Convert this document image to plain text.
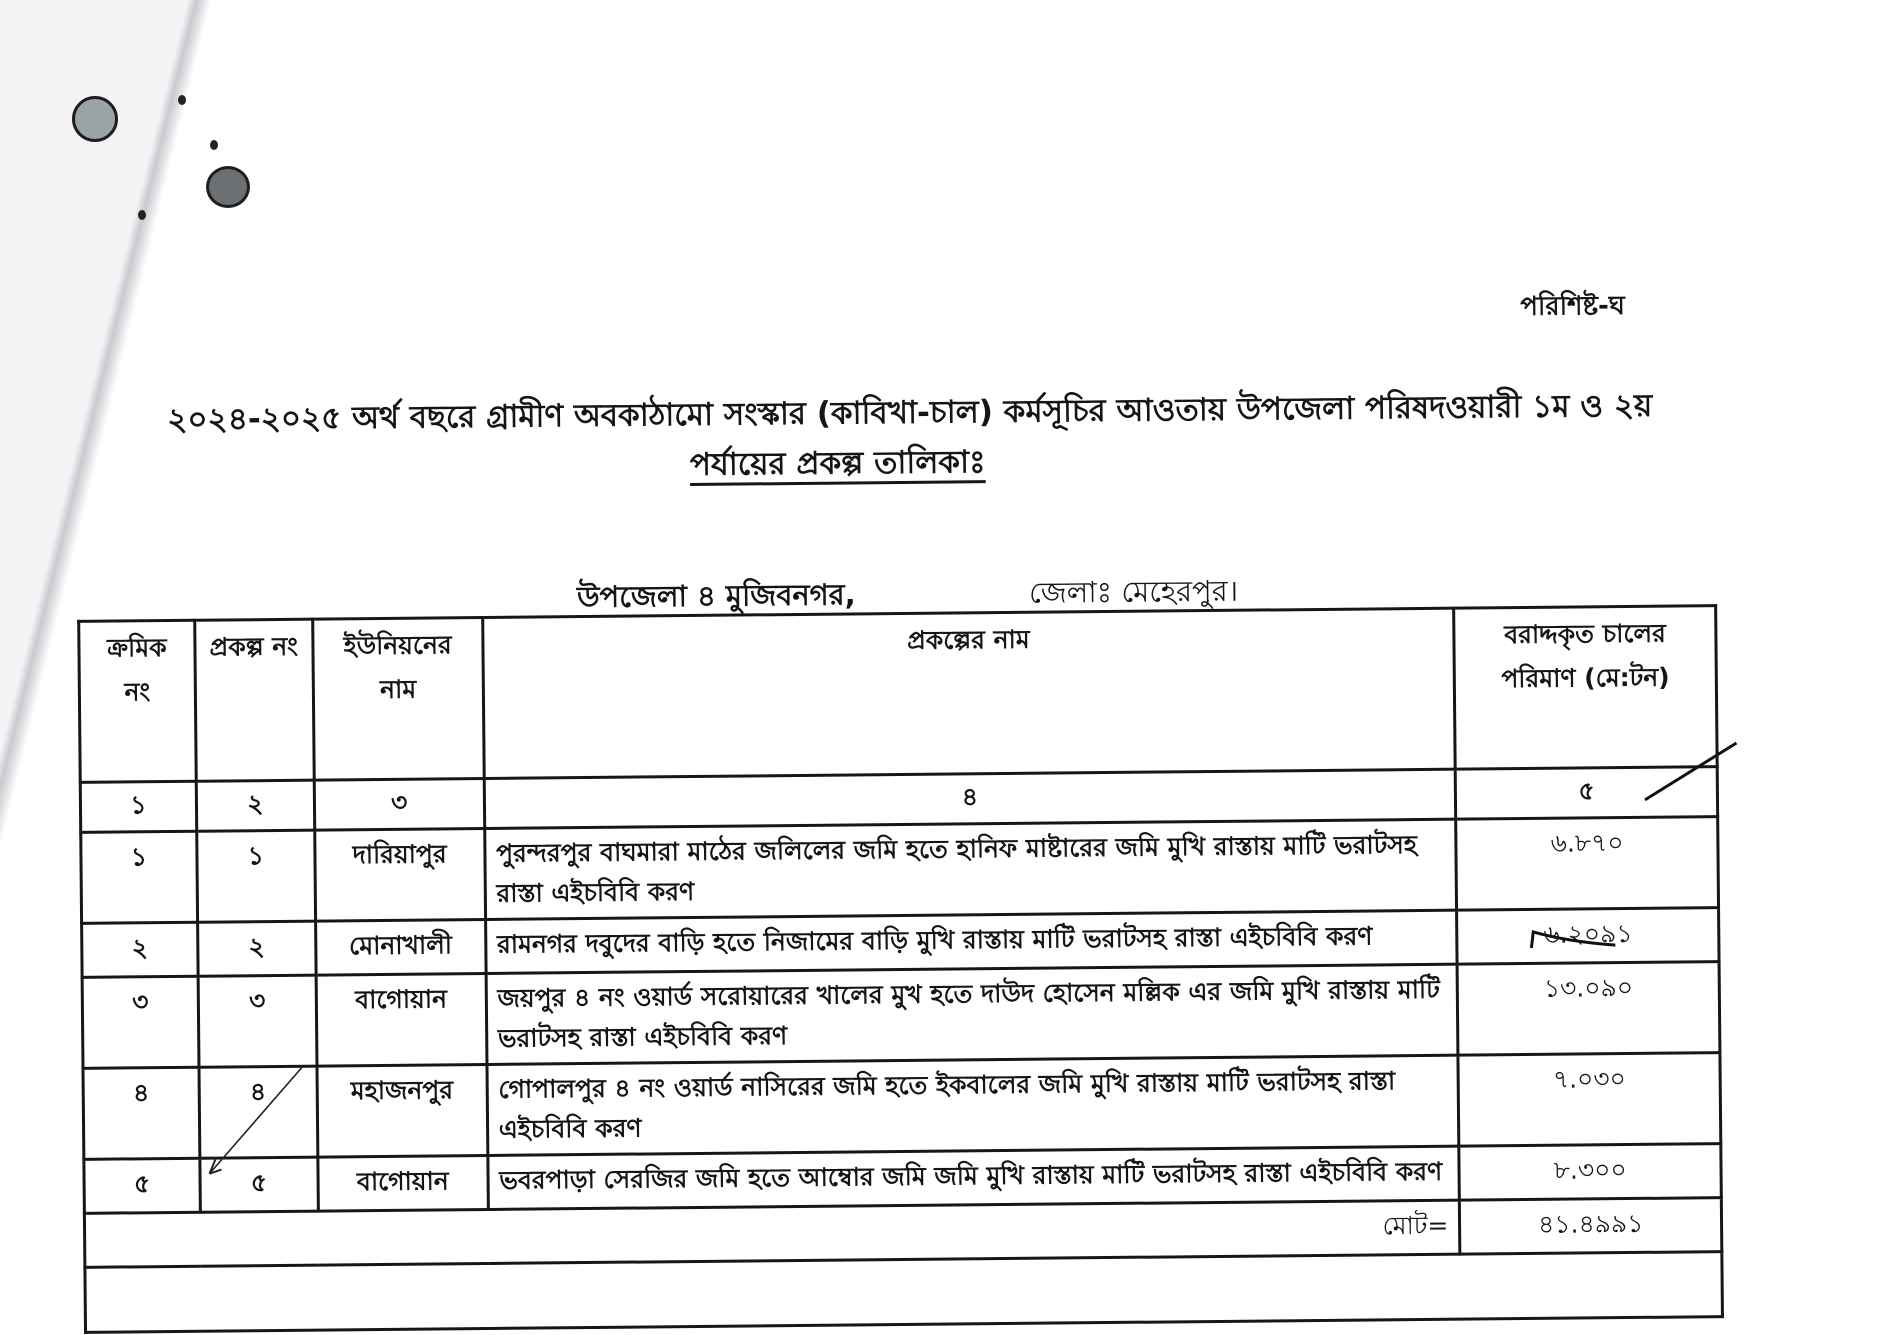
পরিশিষ্ট-ঘ
২০২৪-২০২৫ অর্থ বছরে গ্রামীণ অবকাঠামো সংস্কার (কাবিখা-চাল) কর্মসূচির আওতায় উপজেলা পরিষদওয়ারী ১ম ও ২য়
পর্যায়ের প্রকল্প তালিকাঃ
উপজেলা ৪ মুজিবনগর,	জেলাঃ মেহেরপুর।
ক্রমিক নং	প্রকল্প নং	ইউনিয়নের নাম	প্রকল্পের নাম	বরাদ্দকৃত চালের পরিমাণ (মে:টন)
১	২	৩	৪	৫
১	১	দারিয়াপুর	পুরন্দরপুর বাঘমারা মাঠের জলিলের জমি হতে হানিফ মাষ্টারের জমি মুখি রাস্তায় মাটি ভরাটসহ রাস্তা এইচবিবি করণ	৬.৮৭০
২	২	মোনাখালী	রামনগর দবুদের বাড়ি হতে নিজামের বাড়ি মুখি রাস্তায় মাটি ভরাটসহ রাস্তা এইচবিবি করণ	৬.২০৯১
৩	৩	বাগোয়ান	জয়পুর ৪ নং ওয়ার্ড সরোয়ারের খালের মুখ হতে দাউদ হোসেন মল্লিক এর জমি মুখি রাস্তায় মাটি ভরাটসহ রাস্তা এইচবিবি করণ	১৩.০৯০
৪	৪	মহাজনপুর	গোপালপুর ৪ নং ওয়ার্ড নাসিরের জমি হতে ইকবালের জমি মুখি রাস্তায় মাটি ভরাটসহ রাস্তা এইচবিবি করণ	৭.০৩০
৫	৫	বাগোয়ান	ভবরপাড়া সেরজির জমি হতে আম্বোর জমি জমি মুখি রাস্তায় মাটি ভরাটসহ রাস্তা এইচবিবি করণ	৮.৩০০
মোট=				৪১.৪৯৯১
